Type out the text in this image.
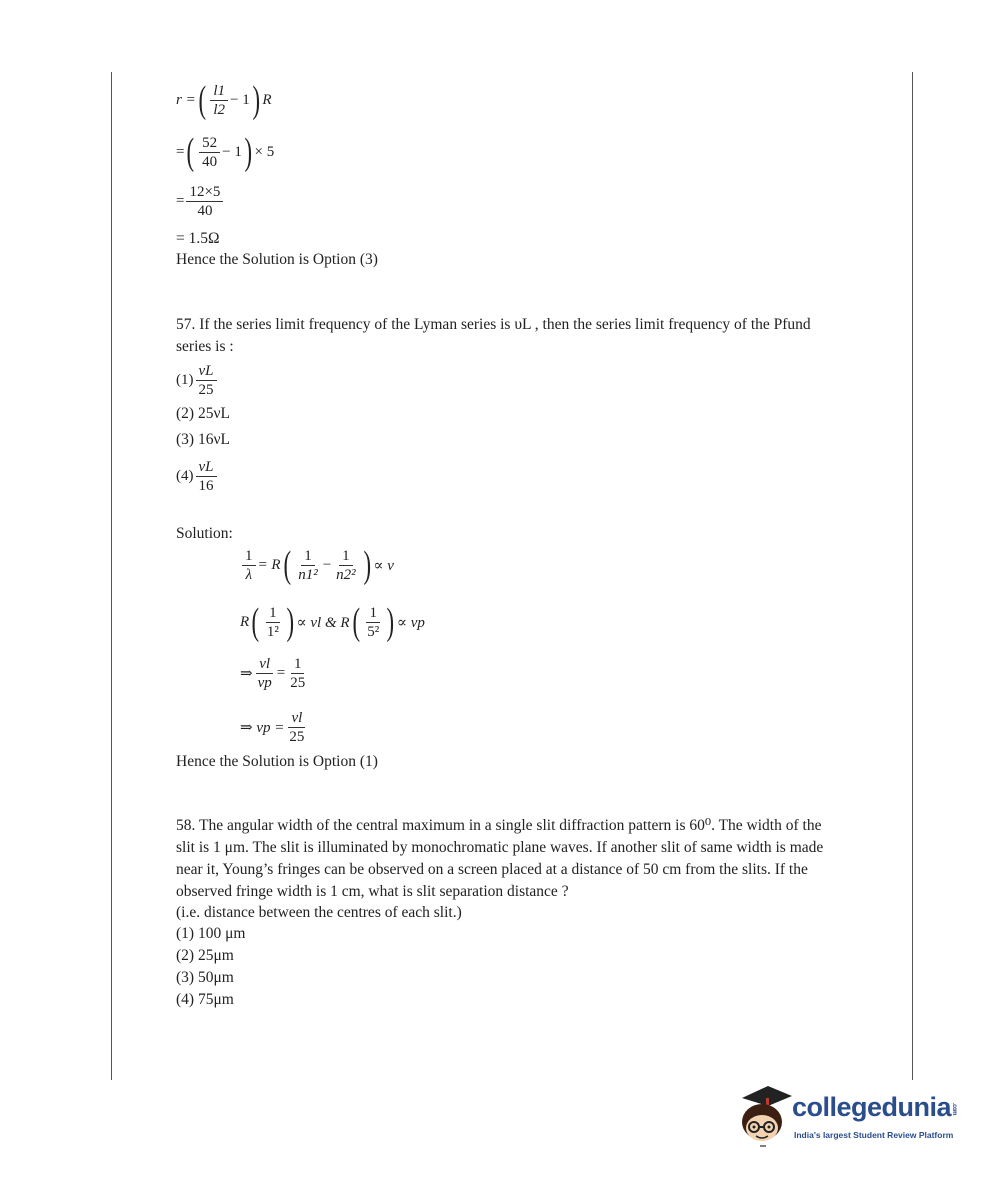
r = ( $\frac{l1}{l2} - 1$ ) R
= ( $\frac{52}{40} - 1$ ) × 5
= $\frac{12\times 5}{40}$
= 1.5Ω
Hence the Solution is Option (3)
57. If the series limit frequency of the Lyman series is υL , then the series limit frequency of the Pfund series is :
$(1) \frac{\nu L}{25}$
(2) 25νL
(3) 16νL
$(4) \frac{\nu L}{16}$
Solution:
$\frac{1}{\lambda} = R$ ( $\frac{1}{\text{n1²}} - \frac{1}{\text{n2²}}$ ) ∝ ν
R ( $\frac{1}{\text{1²}}$ ) ∝ νl & R ( $\frac{1}{\text{5²}}$ ) ∝ νp
⇒ $\frac{\nu l}{\nu p} = \frac{1}{25}$
⇒ $\nu p = \frac{\nu l}{25}$
Hence the Solution is Option (1)
58. The angular width of the central maximum in a single slit diffraction pattern is 60⁰. The width of the slit is 1 μm. The slit is illuminated by monochromatic plane waves. If another slit of same width is made near it, Young’s fringes can be observed on a screen placed at a distance of 50 cm from the slits. If the observed fringe width is 1 cm, what is slit separation distance ?
(i.e. distance between the centres of each slit.)
(1) 100 μm
(2) 25μm
(3) 50μm
(4) 75μm
collegedunia.com
India's largest Student Review Platform
